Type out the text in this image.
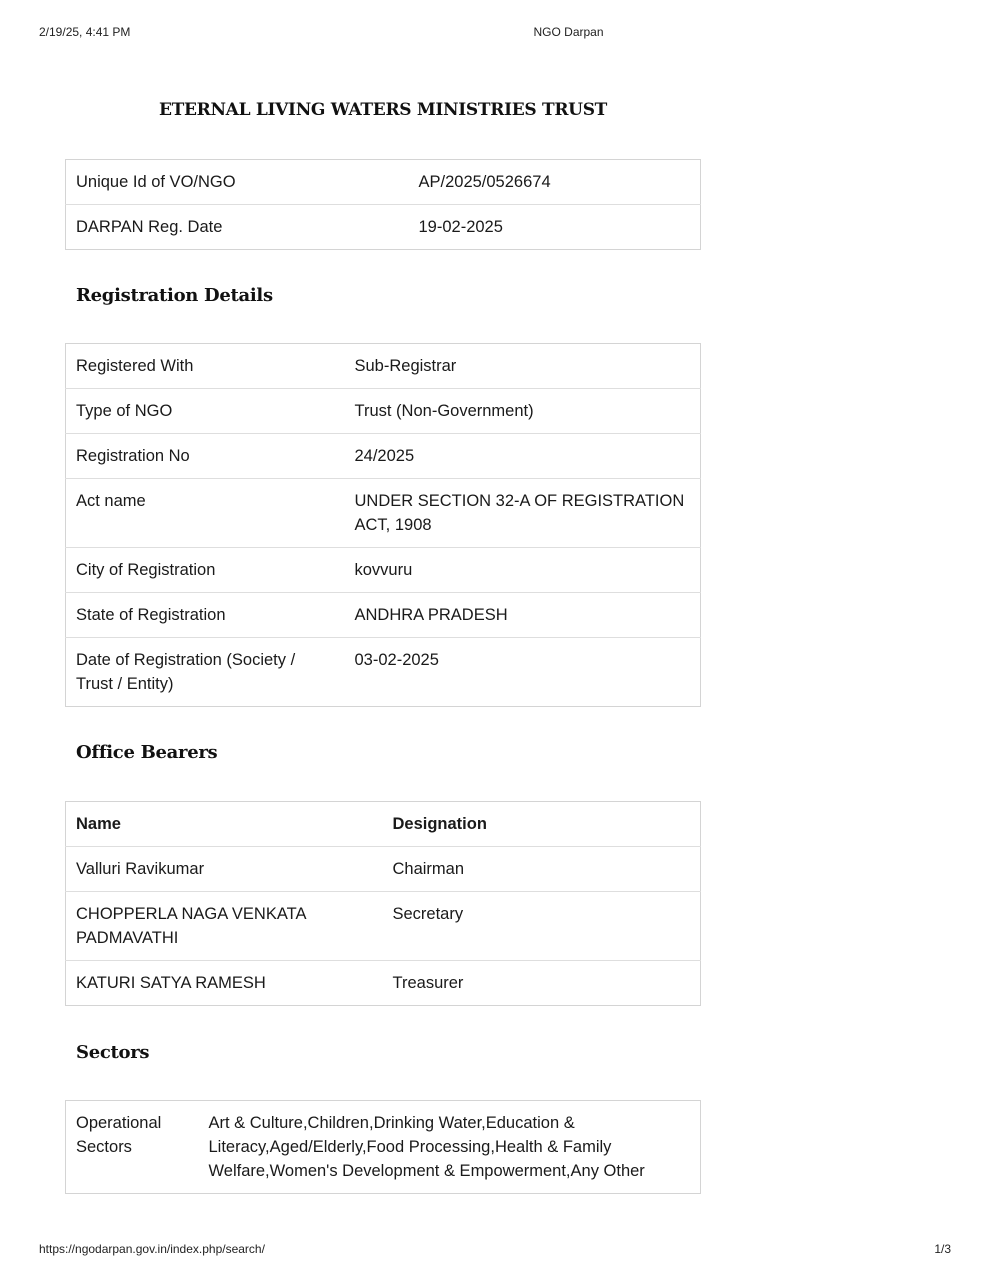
2/19/25, 4:41 PM	NGO Darpan
ETERNAL LIVING WATERS MINISTRIES TRUST
Unique Id of VO/NGO	AP/2025/0526674
DARPAN Reg. Date	19-02-2025
Registration Details
Registered With	Sub-Registrar
Type of NGO	Trust (Non-Government)
Registration No	24/2025
Act name	UNDER SECTION 32-A OF REGISTRATION ACT, 1908
City of Registration	kovvuru
State of Registration	ANDHRA PRADESH
Date of Registration (Society / Trust / Entity)	03-02-2025
Office Bearers
Name	Designation
Valluri Ravikumar	Chairman
CHOPPERLA NAGA VENKATA PADMAVATHI	Secretary
KATURI SATYA RAMESH	Treasurer
Sectors
Operational Sectors	Art & Culture,Children,Drinking Water,Education & Literacy,Aged/Elderly,Food Processing,Health & Family Welfare,Women's Development & Empowerment,Any Other
https://ngodarpan.gov.in/index.php/search/	1/3
